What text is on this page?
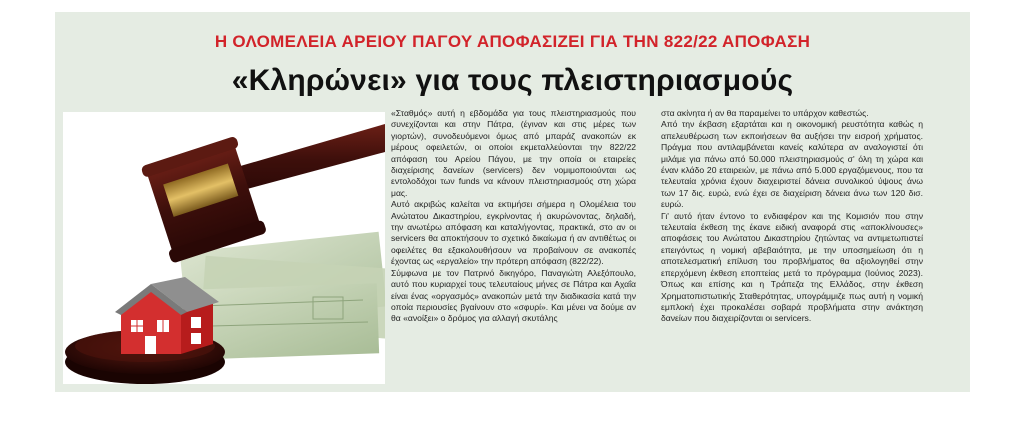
Η ΟΛΟΜΕΛΕΙΑ ΑΡΕΙΟΥ ΠΑΓΟΥ ΑΠΟΦΑΣΙΖΕΙ ΓΙΑ ΤΗΝ 822/22 ΑΠΟΦΑΣΗ
«Κληρώνει» για τους πλειστηριασμούς

«Σταθμός» αυτή η εβδομάδα για τους πλειστηριασμούς που συνεχίζονται και στην Πάτρα, (έγιναν και στις μέρες των γιορτών), συνοδευόμενοι όμως από μπαράζ ανακοπών εκ μέρους οφειλετών, οι οποίοι εκμεταλλεύονται την 822/22 απόφαση του Αρείου Πάγου, με την οποία οι εταιρείες διαχείρισης δανείων (servicers) δεν νομιμοποιούνται ως εντολοδόχοι των funds να κάνουν πλειστηριασμούς στη χώρα μας.

Αυτό ακριβώς καλείται να εκτιμήσει σήμερα η Ολομέλεια του Ανώτατου Δικαστηρίου, εγκρίνοντας ή ακυρώνοντας, δηλαδή, την ανωτέρω απόφαση και καταλήγοντας, πρακτικά, στο αν οι servicers θα αποκτήσουν το σχετικό δικαίωμα ή αν αντιθέτως οι οφειλέτες θα εξακολουθήσουν να προβαίνουν σε ανακοπές έχοντας ως «εργαλείο» την πρότερη απόφαση (822/22).

Σύμφωνα με τον Πατρινό δικηγόρο, Παναγιώτη Αλεξόπουλο, αυτό που κυριαρχεί τους τελευταίους μήνες σε Πάτρα και Αχαΐα είναι ένας «οργασμός» ανακοπών μετά την διαδικασία κατά την οποία περιουσίες βγαίνουν στο «σφυρί». Και μένει να δούμε αν θα «ανοίξει» ο δρόμος για αλλαγή σκυτάλης

στα ακίνητα ή αν θα παραμείνει το υπάρχον καθεστώς.

Από την έκβαση εξαρτάται και η οικονομική ρευστότητα καθώς η απελευθέρωση των εκποιήσεων θα αυξήσει την εισροή χρήματος. Πράγμα που αντιλαμβάνεται κανείς καλύτερα αν αναλογιστεί ότι μιλάμε για πάνω από 50.000 πλειστηριασμούς σ' όλη τη χώρα και έναν κλάδο 20 εταιρειών, με πάνω από 5.000 εργαζόμενους, που τα τελευταία χρόνια έχουν διαχειριστεί δάνεια συνολικού ύψους άνω των 17 δις. ευρώ, ενώ έχει σε διαχείριση δάνεια άνω των 120 δισ. ευρώ.

Γι' αυτό ήταν έντονο το ενδιαφέρον και της Κομισιόν που στην τελευταία έκθεση της έκανε ειδική αναφορά στις «αποκλίνουσες» αποφάσεις του Ανώτατου Δικαστηρίου ζητώντας να αντιμετωπιστεί επειγόντως η νομική αβεβαιότητα, με την υποσημείωση ότι η αποτελεσματική επίλυση του προβλήματος θα αξιολογηθεί στην επερχόμενη έκθεση εποπτείας μετά το πρόγραμμα (Ιούνιος 2023). Όπως και επίσης και η Τράπεζα της Ελλάδος, στην έκθεση Χρηματοπιστωτικής Σταθερότητας, υπογράμμιζε πως αυτή η νομική εμπλοκή έχει προκαλέσει σοβαρά προβλήματα στην ανάκτηση δανείων που διαχειρίζονται οι servicers.
